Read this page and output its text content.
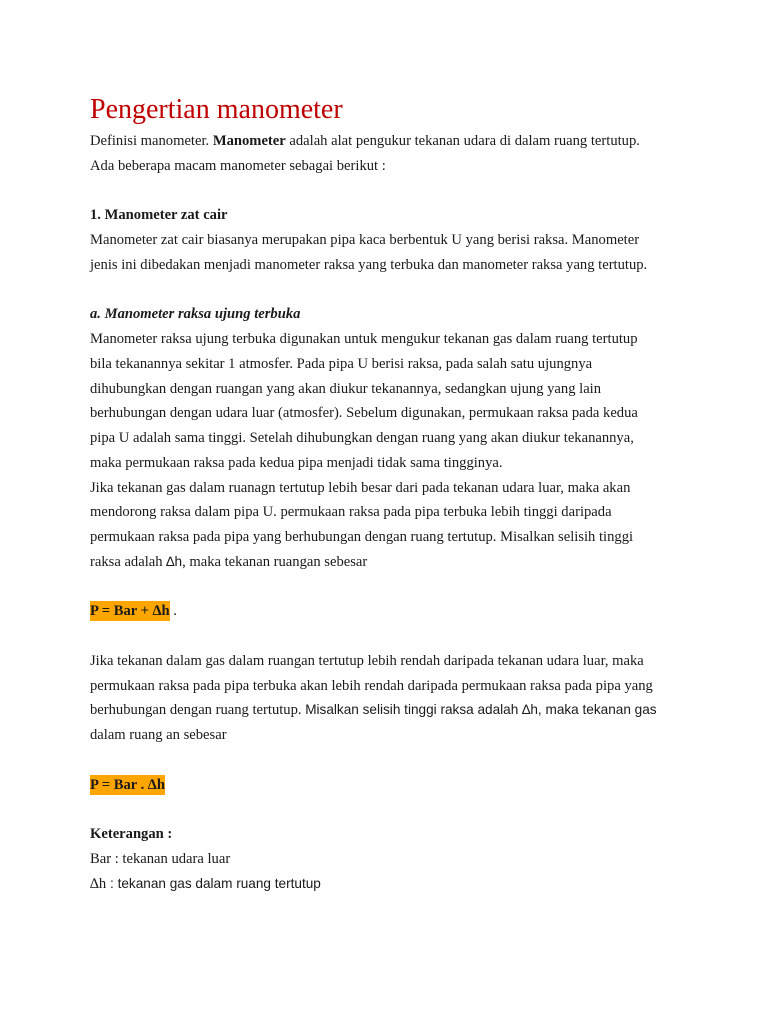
Pengertian manometer
Definisi manometer. Manometer adalah alat pengukur tekanan udara di dalam ruang tertutup.
Ada beberapa macam manometer sebagai berikut :
1. Manometer zat cair
Manometer zat cair biasanya merupakan pipa kaca berbentuk U yang berisi raksa. Manometer
jenis ini dibedakan menjadi manometer raksa yang terbuka dan manometer raksa yang tertutup.
a. Manometer raksa ujung terbuka
Manometer raksa ujung terbuka digunakan untuk mengukur tekanan gas dalam ruang tertutup
bila tekanannya sekitar 1 atmosfer. Pada pipa U berisi raksa, pada salah satu ujungnya
dihubungkan dengan ruangan yang akan diukur tekanannya, sedangkan ujung yang lain
berhubungan dengan udara luar (atmosfer). Sebelum digunakan, permukaan raksa pada kedua
pipa U adalah sama tinggi. Setelah dihubungkan dengan ruang yang akan diukur tekanannya,
maka permukaan raksa pada kedua pipa menjadi tidak sama tingginya.
Jika tekanan gas dalam ruanagn tertutup lebih besar dari pada tekanan udara luar, maka akan
mendorong raksa dalam pipa U. permukaan raksa pada pipa terbuka lebih tinggi daripada
permukaan raksa pada pipa yang berhubungan dengan ruang tertutup. Misalkan selisih tinggi
raksa adalah ∆h, maka tekanan ruangan sebesar
P = Bar + ∆h .
Jika tekanan dalam gas dalam ruangan tertutup lebih rendah daripada tekanan udara luar, maka
permukaan raksa pada pipa terbuka akan lebih rendah daripada permukaan raksa pada pipa yang
berhubungan dengan ruang tertutup. Misalkan selisih tinggi raksa adalah ∆h, maka tekanan gas
dalam ruang an sebesar
P = Bar . ∆h
Keterangan :
Bar : tekanan udara luar
∆h : tekanan gas dalam ruang tertutup
